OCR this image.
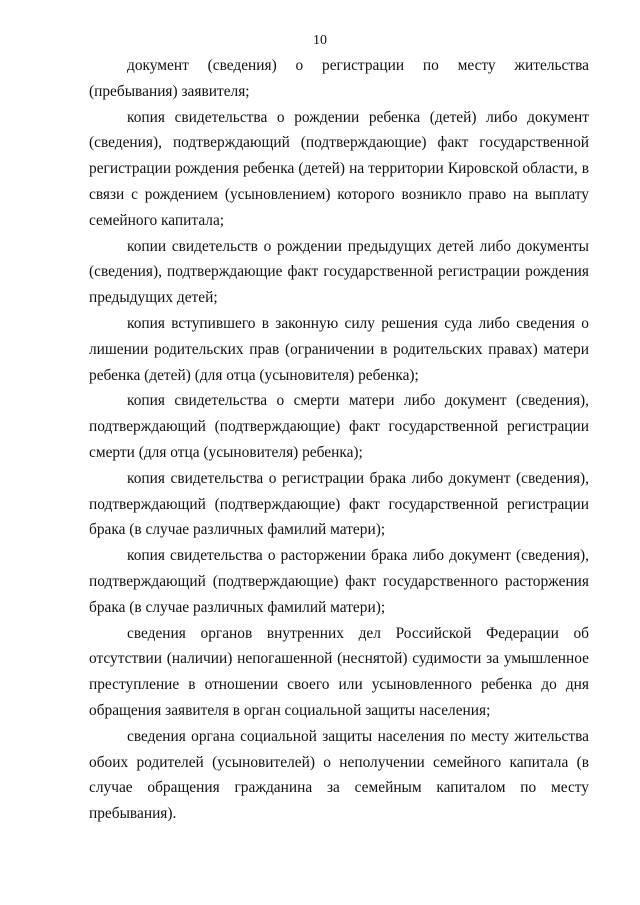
10

документ (сведения) о регистрации по месту жительства (пребывания) заявителя;

копия свидетельства о рождении ребенка (детей) либо документ (сведения), подтверждающий (подтверждающие) факт государственной регистрации рождения ребенка (детей) на территории Кировской области, в связи с рождением (усыновлением) которого возникло право на выплату семейного капитала;

копии свидетельств о рождении предыдущих детей либо документы (сведения), подтверждающие факт государственной регистрации рождения предыдущих детей;

копия вступившего в законную силу решения суда либо сведения о лишении родительских прав (ограничении в родительских правах) матери ребенка (детей) (для отца (усыновителя) ребенка);

копия свидетельства о смерти матери либо документ (сведения), подтверждающий (подтверждающие) факт государственной регистрации смерти (для отца (усыновителя) ребенка);

копия свидетельства о регистрации брака либо документ (сведения), подтверждающий (подтверждающие) факт государственной регистрации брака (в случае различных фамилий матери);

копия свидетельства о расторжении брака либо документ (сведения), подтверждающий (подтверждающие) факт государственного расторжения брака (в случае различных фамилий матери);

сведения органов внутренних дел Российской Федерации об отсутствии (наличии) непогашенной (неснятой) судимости за умышленное преступление в отношении своего или усыновленного ребенка до дня обращения заявителя в орган социальной защиты населения;

сведения органа социальной защиты населения по месту жительства обоих родителей (усыновителей) о неполучении семейного капитала (в случае обращения гражданина за семейным капиталом по месту пребывания).
